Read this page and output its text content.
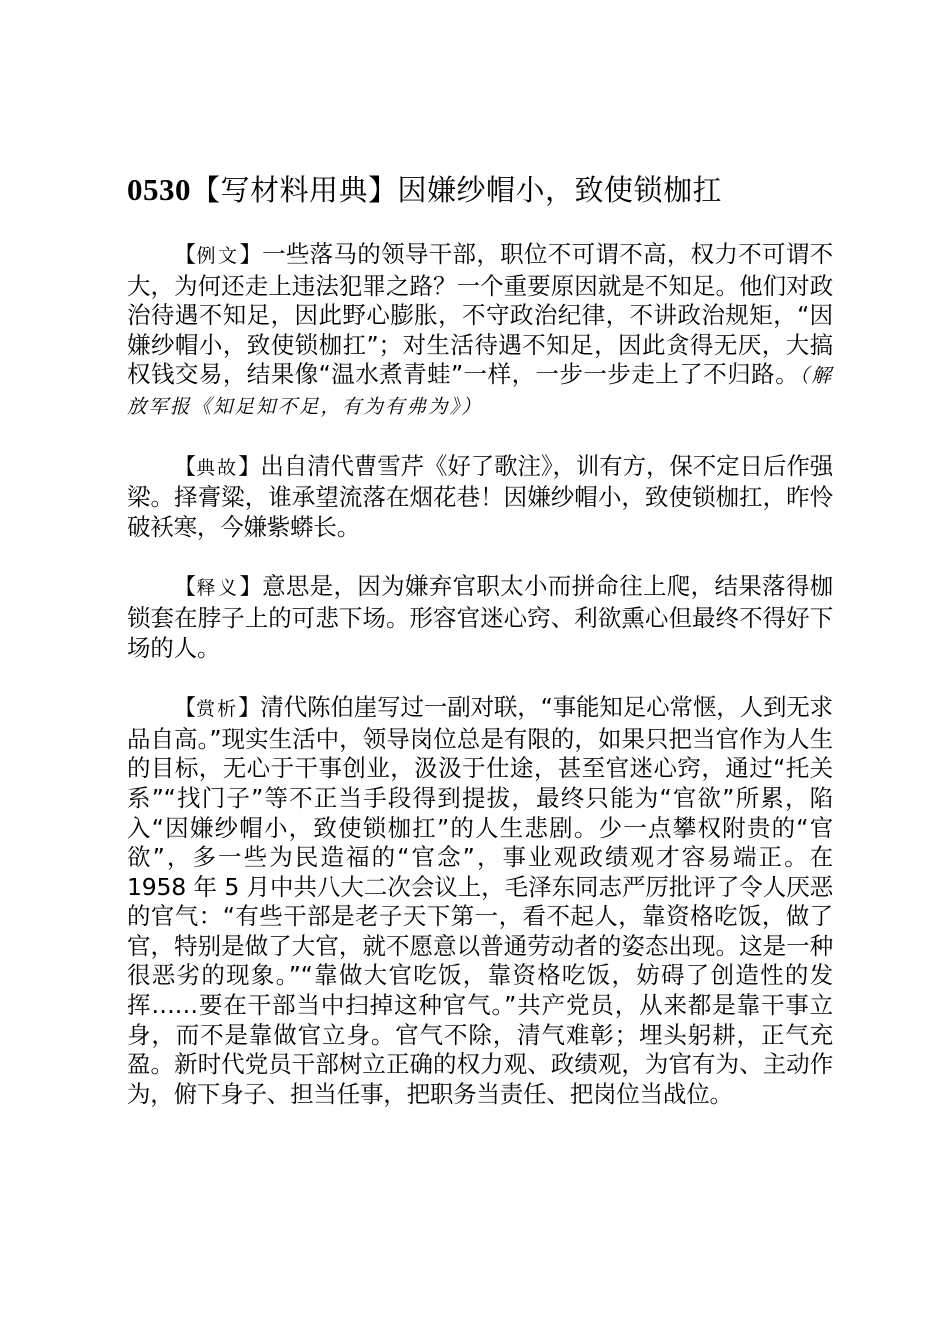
0530【写材料用典】因嫌纱帽小，致使锁枷扛

【例文】一些落马的领导干部，职位不可谓不高，权力不可谓不大，为何还走上违法犯罪之路？一个重要原因就是不知足。他们对政治待遇不知足，因此野心膨胀，不守政治纪律，不讲政治规矩，“因嫌纱帽小，致使锁枷扛”；对生活待遇不知足，因此贪得无厌，大搞权钱交易，结果像“温水煮青蛙”一样，一步一步走上了不归路。（解放军报《知足知不足，有为有弗为》）

【典故】出自清代曹雪芹《好了歌注》，训有方，保不定日后作强梁。择膏粱，谁承望流落在烟花巷！因嫌纱帽小，致使锁枷扛，昨怜破袄寒，今嫌紫蟒长。

【释义】意思是，因为嫌弃官职太小而拼命往上爬，结果落得枷锁套在脖子上的可悲下场。形容官迷心窍、利欲熏心但最终不得好下场的人。

【赏析】清代陈伯崖写过一副对联，“事能知足心常惬，人到无求品自高。”现实生活中，领导岗位总是有限的，如果只把当官作为人生的目标，无心于干事创业，汲汲于仕途，甚至官迷心窍，通过“托关系”“找门子”等不正当手段得到提拔，最终只能为“官欲”所累，陷入“因嫌纱帽小，致使锁枷扛”的人生悲剧。少一点攀权附贵的“官欲”，多一些为民造福的“官念”，事业观政绩观才容易端正。在 1958 年 5 月中共八大二次会议上，毛泽东同志严厉批评了令人厌恶的官气：“有些干部是老子天下第一，看不起人，靠资格吃饭，做了官，特别是做了大官，就不愿意以普通劳动者的姿态出现。这是一种很恶劣的现象。”“靠做大官吃饭，靠资格吃饭，妨碍了创造性的发挥……要在干部当中扫掉这种官气。”共产党员，从来都是靠干事立身，而不是靠做官立身。官气不除，清气难彰；埋头躬耕，正气充盈。新时代党员干部树立正确的权力观、政绩观，为官有为、主动作为，俯下身子、担当任事，把职务当责任、把岗位当战位。
